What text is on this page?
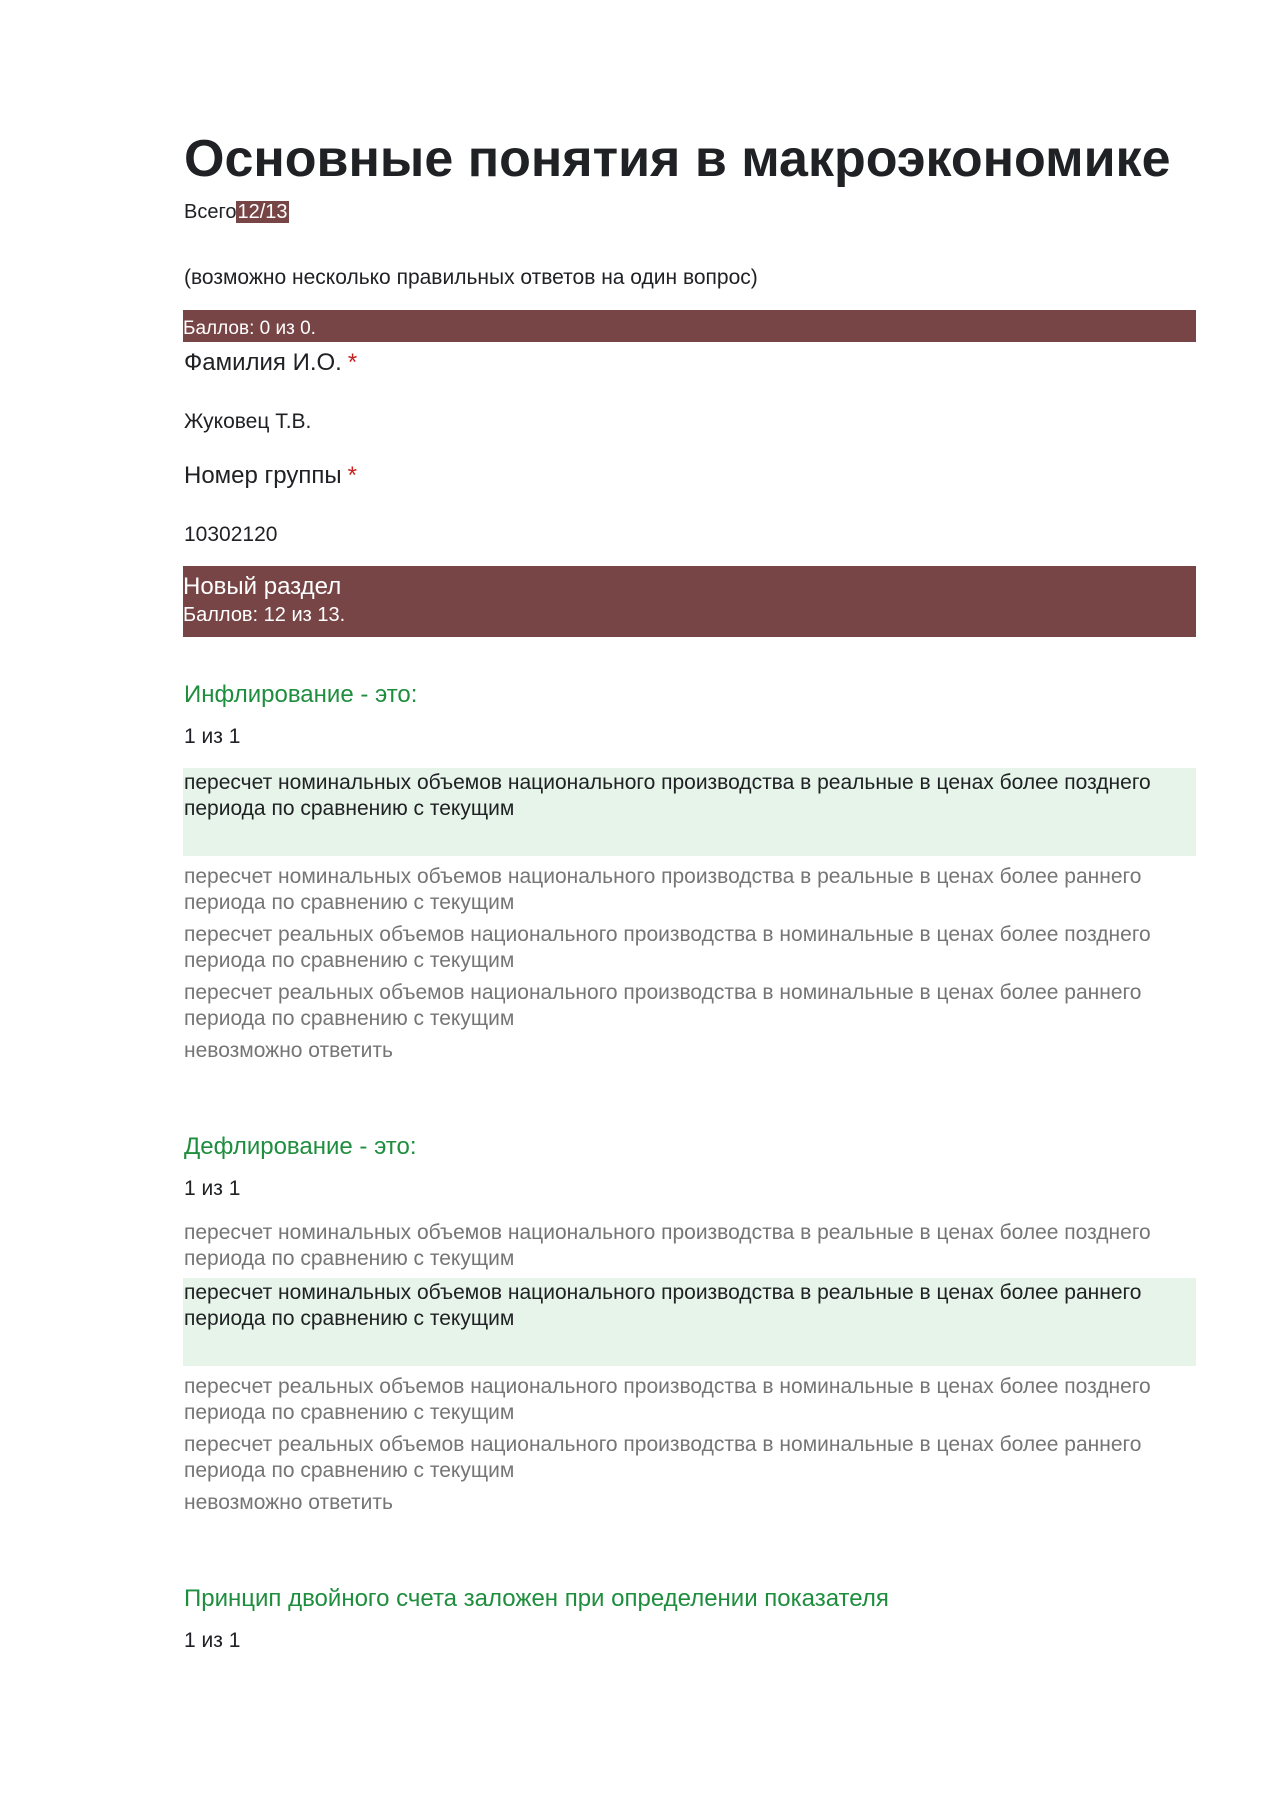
Основные понятия в макроэкономике
Всего12/13
(возможно несколько правильных ответов на один вопрос)
Баллов: 0 из 0.
Фамилия И.О. *
Жуковец Т.В.
Номер группы *
10302120
Новый раздел
Баллов: 12 из 13.
Инфлирование - это:
1 из 1
пересчет номинальных объемов национального производства в реальные в ценах более позднего периода по сравнению с текущим
пересчет номинальных объемов национального производства в реальные в ценах более раннего периода по сравнению с текущим
пересчет реальных объемов национального производства в номинальные в ценах более позднего периода по сравнению с текущим
пересчет реальных объемов национального производства в номинальные в ценах более раннего периода по сравнению с текущим
невозможно ответить
Дефлирование - это:
1 из 1
пересчет номинальных объемов национального производства в реальные в ценах более позднего периода по сравнению с текущим
пересчет номинальных объемов национального производства в реальные в ценах более раннего периода по сравнению с текущим
пересчет реальных объемов национального производства в номинальные в ценах более позднего периода по сравнению с текущим
пересчет реальных объемов национального производства в номинальные в ценах более раннего периода по сравнению с текущим
невозможно ответить
Принцип двойного счета заложен при определении показателя
1 из 1
